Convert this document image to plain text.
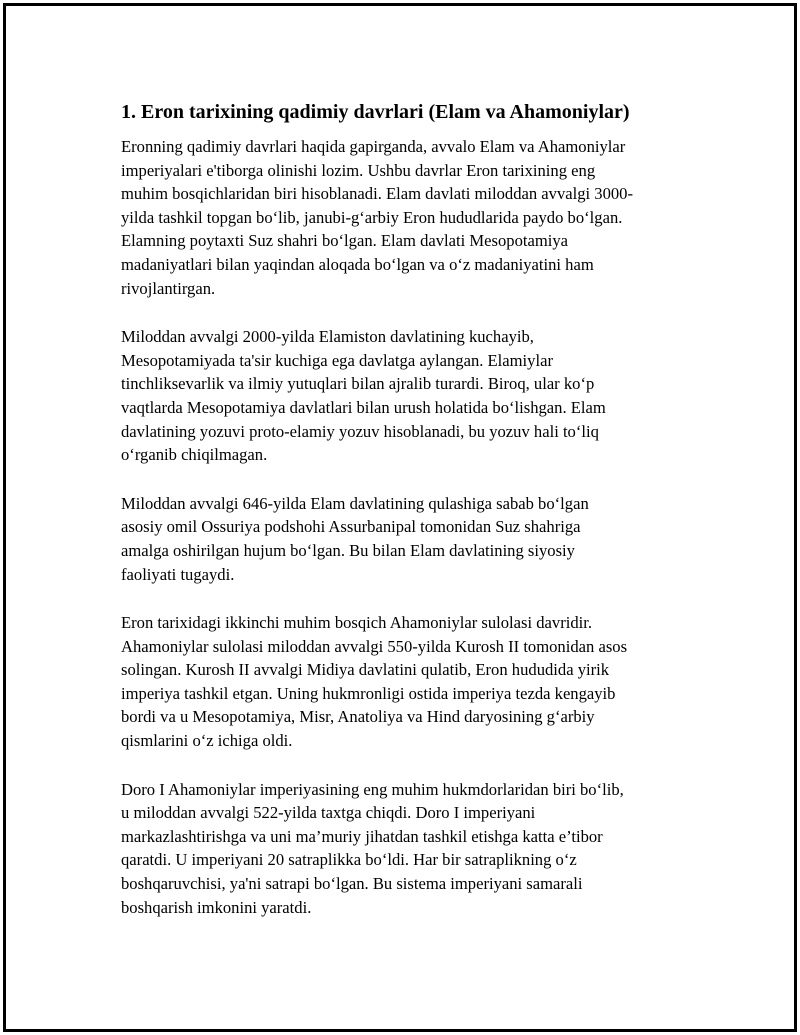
1. Eron tarixining qadimiy davrlari (Elam va Ahamoniylar)

Eronning qadimiy davrlari haqida gapirganda, avvalo Elam va Ahamoniylar
imperiyalari e'tiborga olinishi lozim. Ushbu davrlar Eron tarixining eng
muhim bosqichlaridan biri hisoblanadi. Elam davlati miloddan avvalgi 3000-
yilda tashkil topgan bo‘lib, janubi-g‘arbiy Eron hududlarida paydo bo‘lgan.
Elamning poytaxti Suz shahri bo‘lgan. Elam davlati Mesopotamiya
madaniyatlari bilan yaqindan aloqada bo‘lgan va o‘z madaniyatini ham
rivojlantirgan.

Miloddan avvalgi 2000-yilda Elamiston davlatining kuchayib,
Mesopotamiyada ta'sir kuchiga ega davlatga aylangan. Elamiylar
tinchliksevarlik va ilmiy yutuqlari bilan ajralib turardi. Biroq, ular ko‘p
vaqtlarda Mesopotamiya davlatlari bilan urush holatida bo‘lishgan. Elam
davlatining yozuvi proto-elamiy yozuv hisoblanadi, bu yozuv hali to‘liq
o‘rganib chiqilmagan.

Miloddan avvalgi 646-yilda Elam davlatining qulashiga sabab bo‘lgan
asosiy omil Ossuriya podshohi Assurbanipal tomonidan Suz shahriga
amalga oshirilgan hujum bo‘lgan. Bu bilan Elam davlatining siyosiy
faoliyati tugaydi.

Eron tarixidagi ikkinchi muhim bosqich Ahamoniylar sulolasi davridir.
Ahamoniylar sulolasi miloddan avvalgi 550-yilda Kurosh II tomonidan asos
solingan. Kurosh II avvalgi Midiya davlatini qulatib, Eron hududida yirik
imperiya tashkil etgan. Uning hukmronligi ostida imperiya tezda kengayib
bordi va u Mesopotamiya, Misr, Anatoliya va Hind daryosining g‘arbiy
qismlarini o‘z ichiga oldi.

Doro I Ahamoniylar imperiyasining eng muhim hukmdorlaridan biri bo‘lib,
u miloddan avvalgi 522-yilda taxtga chiqdi. Doro I imperiyani
markazlashtirishga va uni ma’muriy jihatdan tashkil etishga katta e’tibor
qaratdi. U imperiyani 20 satraplikka bo‘ldi. Har bir satraplikning o‘z
boshqaruvchisi, ya'ni satrapi bo‘lgan. Bu sistema imperiyani samarali
boshqarish imkonini yaratdi.
